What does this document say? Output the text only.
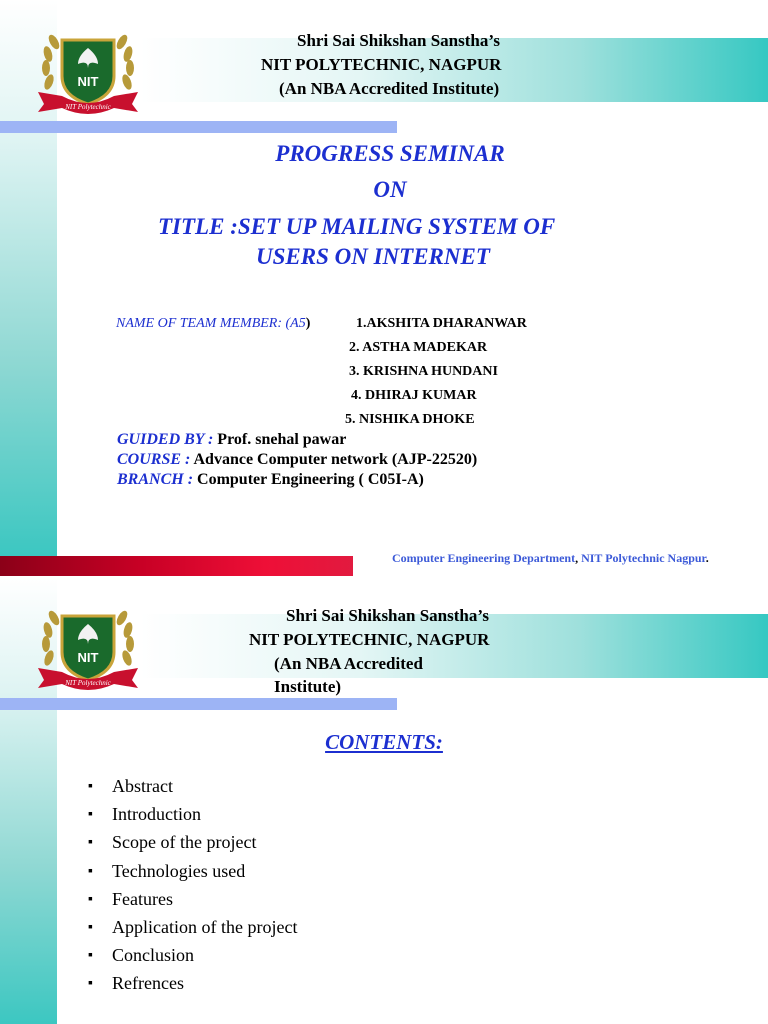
NIT
NIT Polytechnic
Shri Sai Shikshan Sanstha’s
NIT POLYTECHNIC, NAGPUR
(An NBA Accredited Institute)
PROGRESS SEMINAR
ON
TITLE :SET UP MAILING SYSTEM OF
USERS ON INTERNET
NAME OF TEAM MEMBER: (A5)	1.AKSHITA DHARANWAR
2. ASTHA MADEKAR
3. KRISHNA HUNDANI
4. DHIRAJ KUMAR
5. NISHIKA DHOKE
GUIDED BY : Prof. snehal pawar
COURSE : Advance Computer network (AJP-22520)
BRANCH : Computer Engineering ( C05I-A)
Computer Engineering Department, NIT Polytechnic Nagpur.
NIT
NIT Polytechnic
Shri Sai Shikshan Sanstha’s
NIT POLYTECHNIC, NAGPUR
(An NBA Accredited
Institute)
CONTENTS:
▪ Abstract
▪ Introduction
▪ Scope of the project
▪ Technologies used
▪ Features
▪ Application of the project
▪ Conclusion
▪ Refrences
